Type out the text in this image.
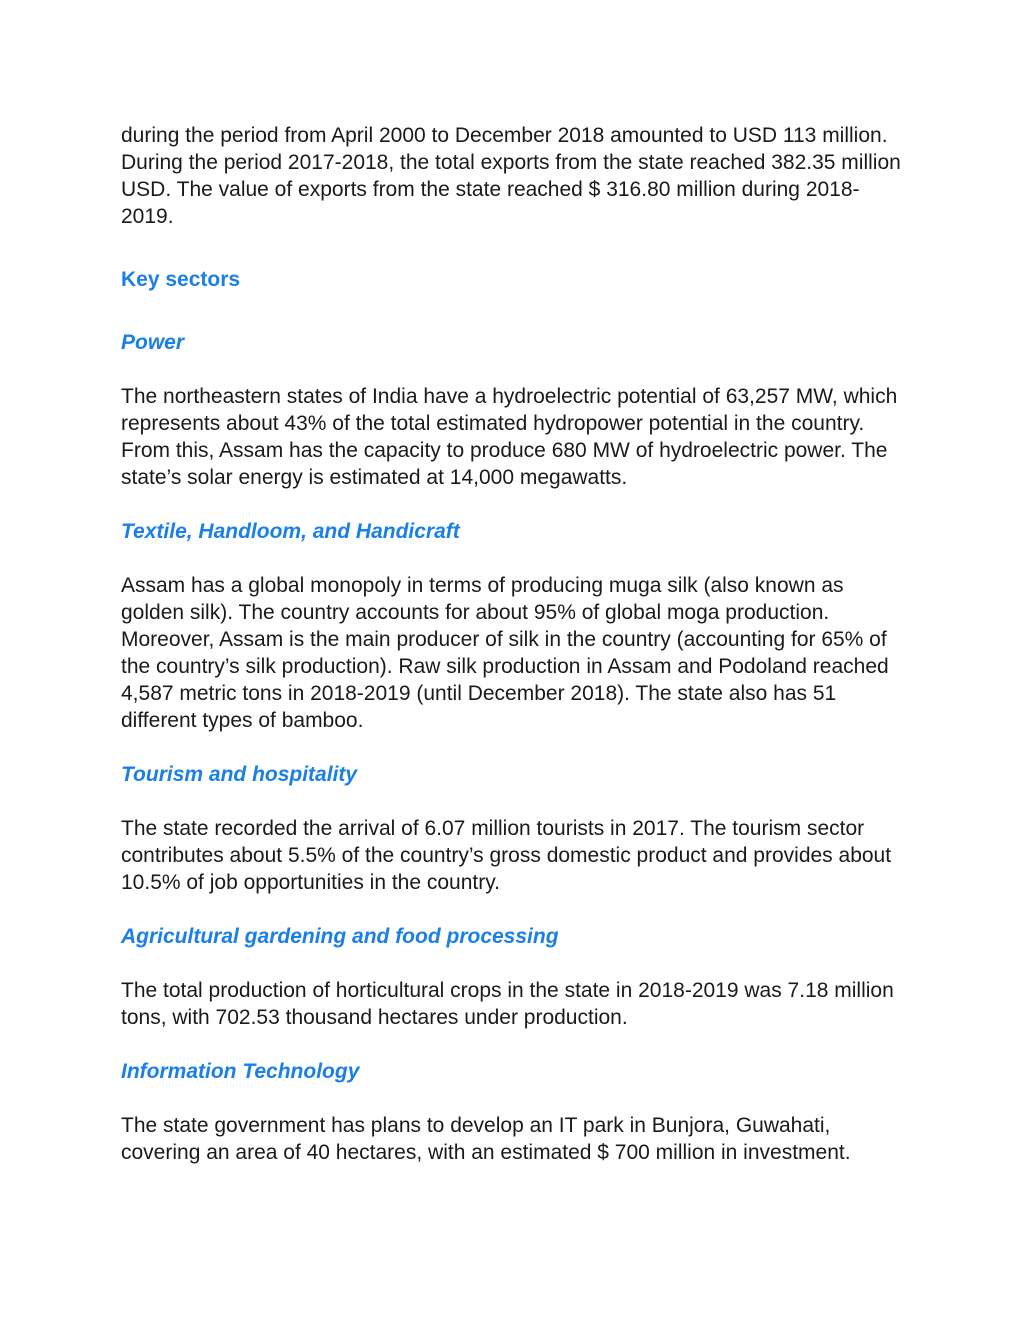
during the period from April 2000 to December 2018 amounted to USD 113 million. During the period 2017-2018, the total exports from the state reached 382.35 million USD. The value of exports from the state reached $ 316.80 million during 2018-2019.

Key sectors
Power

The northeastern states of India have a hydroelectric potential of 63,257 MW, which represents about 43% of the total estimated hydropower potential in the country. From this, Assam has the capacity to produce 680 MW of hydroelectric power. The state’s solar energy is estimated at 14,000 megawatts.

Textile, Handloom, and Handicraft

Assam has a global monopoly in terms of producing muga silk (also known as golden silk). The country accounts for about 95% of global moga production. Moreover, Assam is the main producer of silk in the country (accounting for 65% of the country’s silk production). Raw silk production in Assam and Podoland reached 4,587 metric tons in 2018-2019 (until December 2018). The state also has 51 different types of bamboo.

Tourism and hospitality

The state recorded the arrival of 6.07 million tourists in 2017. The tourism sector contributes about 5.5% of the country’s gross domestic product and provides about 10.5% of job opportunities in the country.

Agricultural gardening and food processing

The total production of horticultural crops in the state in 2018-2019 was 7.18 million tons, with 702.53 thousand hectares under production.

Information Technology

The state government has plans to develop an IT park in Bunjora, Guwahati, covering an area of 40 hectares, with an estimated $ 700 million in investment.
